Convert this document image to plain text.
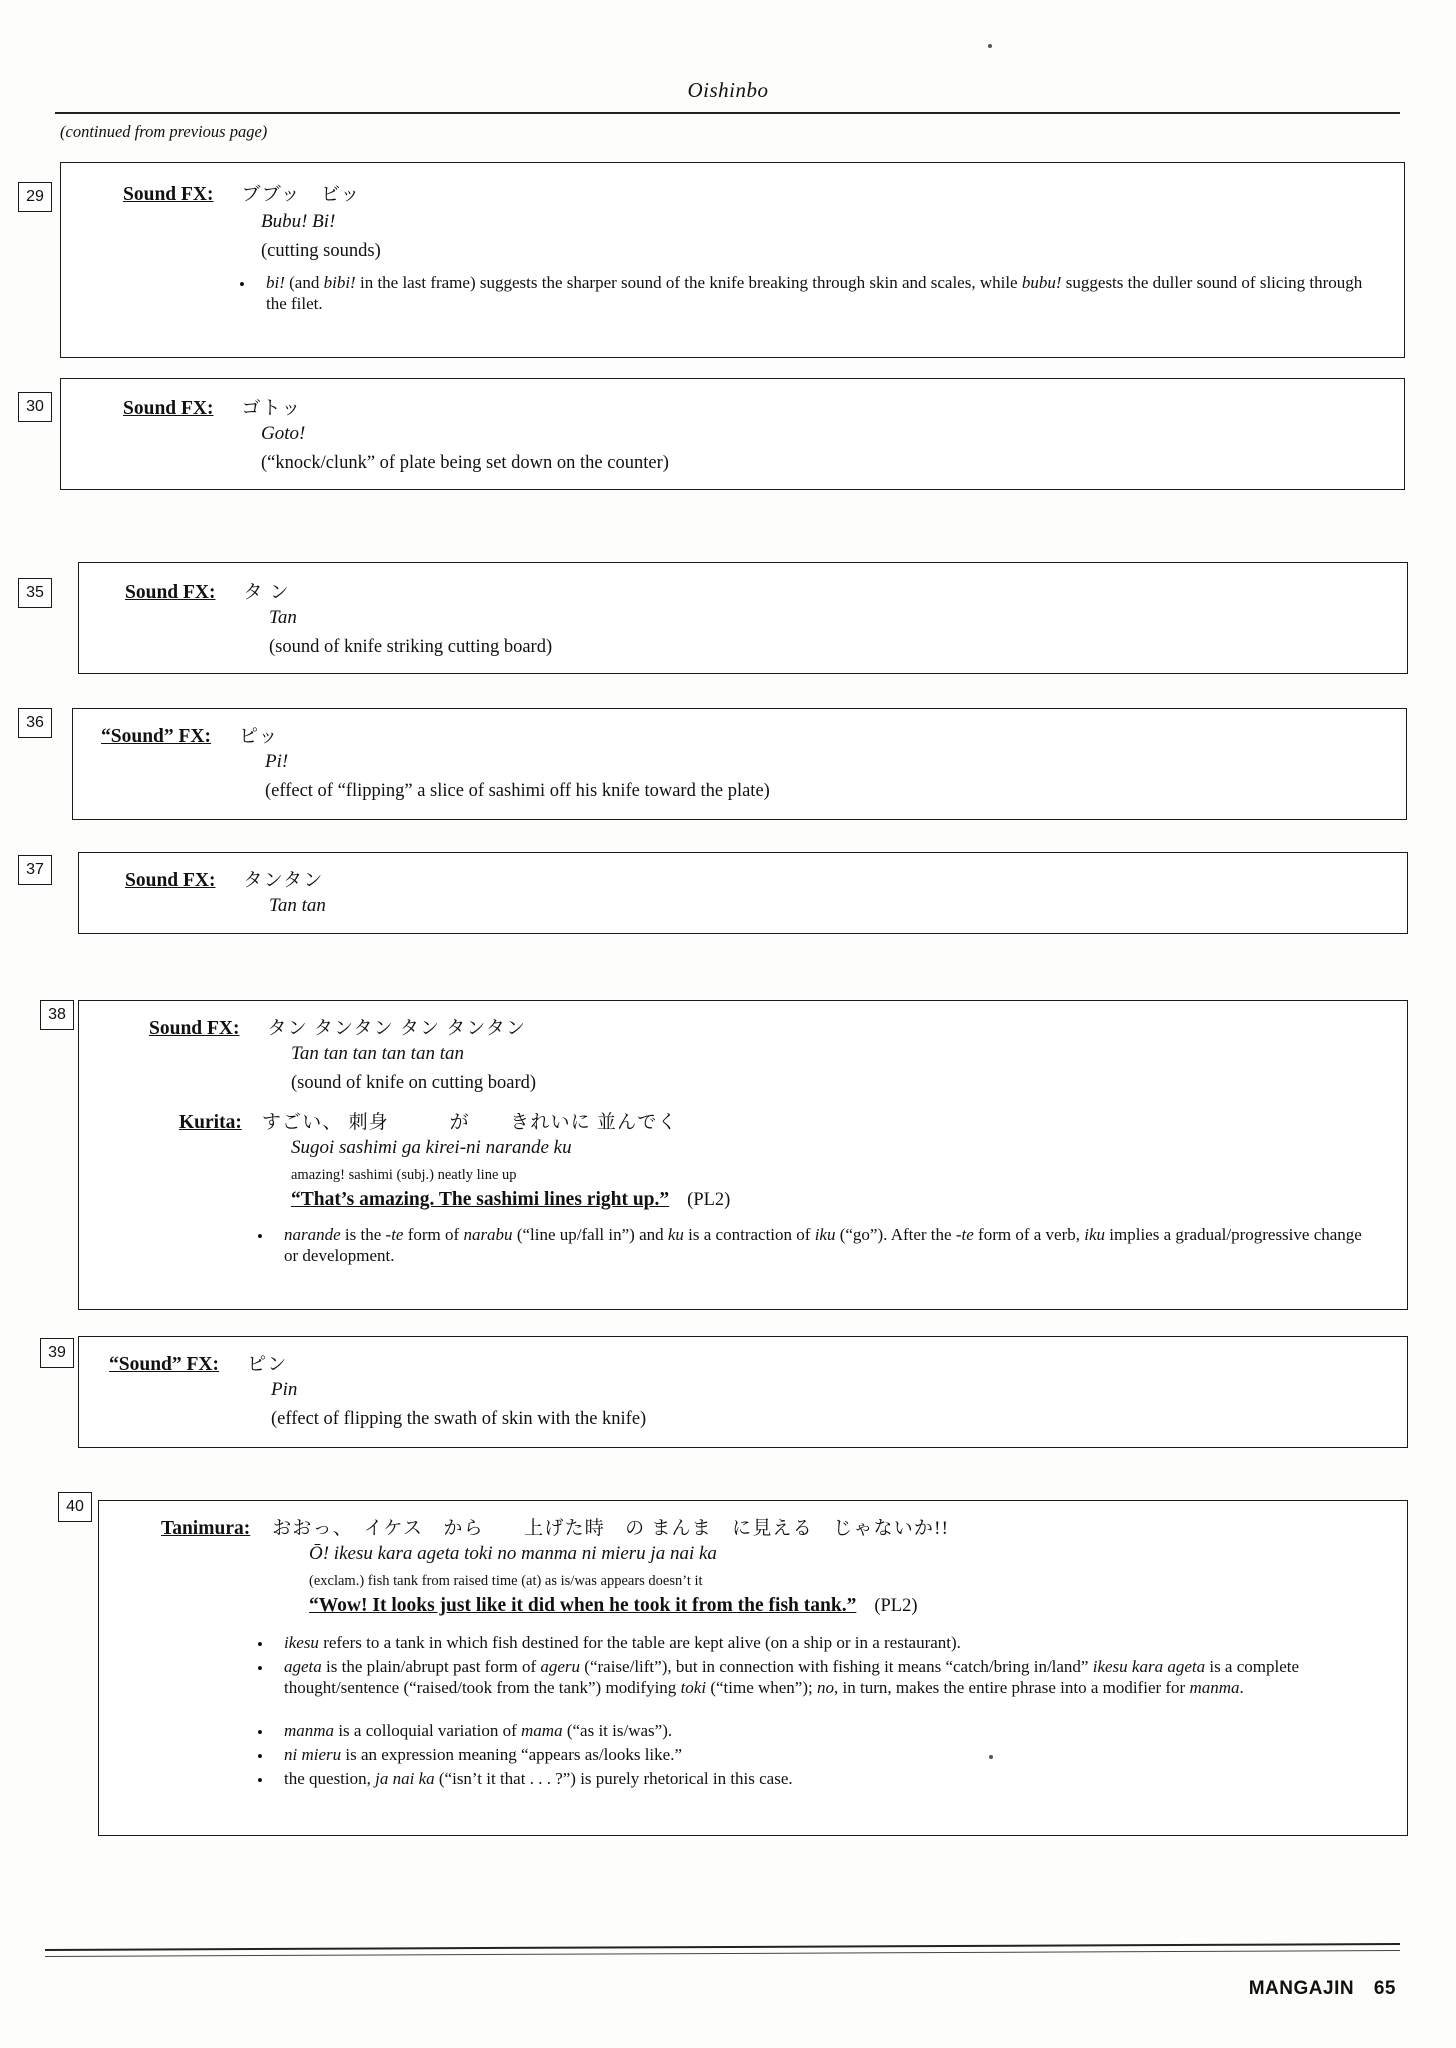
Oishinbo
(continued from previous page)
29	Sound FX: ブブッ　ビッ
Bubu! Bi!
(cutting sounds)
• bi! (and bibi! in the last frame) suggests the sharper sound of the knife breaking through skin and scales, while bubu! suggests the duller sound of slicing through the filet.
30	Sound FX: ゴトッ
Goto!
(“knock/clunk” of plate being set down on the counter)
35	Sound FX: タ ン
Tan
(sound of knife striking cutting board)
36
“Sound” FX: ピッ
Pi!
(effect of “flipping” a slice of sashimi off his knife toward the plate)
37
Sound FX: タンタン
Tan tan
38
Sound FX: タン タンタン タン タンタン
Tan tan tan tan tan tan
(sound of knife on cutting board)
Kurita: すごい、 刺身　　　が　　きれいに 並んでく
Sugoi sashimi ga kirei-ni narande ku
amazing! sashimi (subj.) neatly line up
“That’s amazing. The sashimi lines right up.” (PL2)
• narande is the -te form of narabu (“line up/fall in”) and ku is a contraction of iku (“go”). After the -te form of a verb, iku implies a gradual/progressive change or development.
39
“Sound” FX: ピン
Pin
(effect of flipping the swath of skin with the knife)
40
Tanimura: おおっ、　イケス　から　　上げた時　の まんま　に見える　じゃないか!!
Ō! ikesu kara ageta toki no manma ni mieru ja nai ka
(exclam.) fish tank from raised time (at) as is/was appears doesn’t it
“Wow! It looks just like it did when he took it from the fish tank.” (PL2)
• ikesu refers to a tank in which fish destined for the table are kept alive (on a ship or in a restaurant).
• ageta is the plain/abrupt past form of ageru (“raise/lift”), but in connection with fishing it means “catch/bring in/land” ikesu kara ageta is a complete thought/sentence (“raised/took from the tank”) modifying toki (“time when”); no, in turn, makes the entire phrase into a modifier for manma.
• manma is a colloquial variation of mama (“as it is/was”).
• ni mieru is an expression meaning “appears as/looks like.”
• the question, ja nai ka (“isn’t it that . . . ?”) is purely rhetorical in this case.
MANGAJIN 65
